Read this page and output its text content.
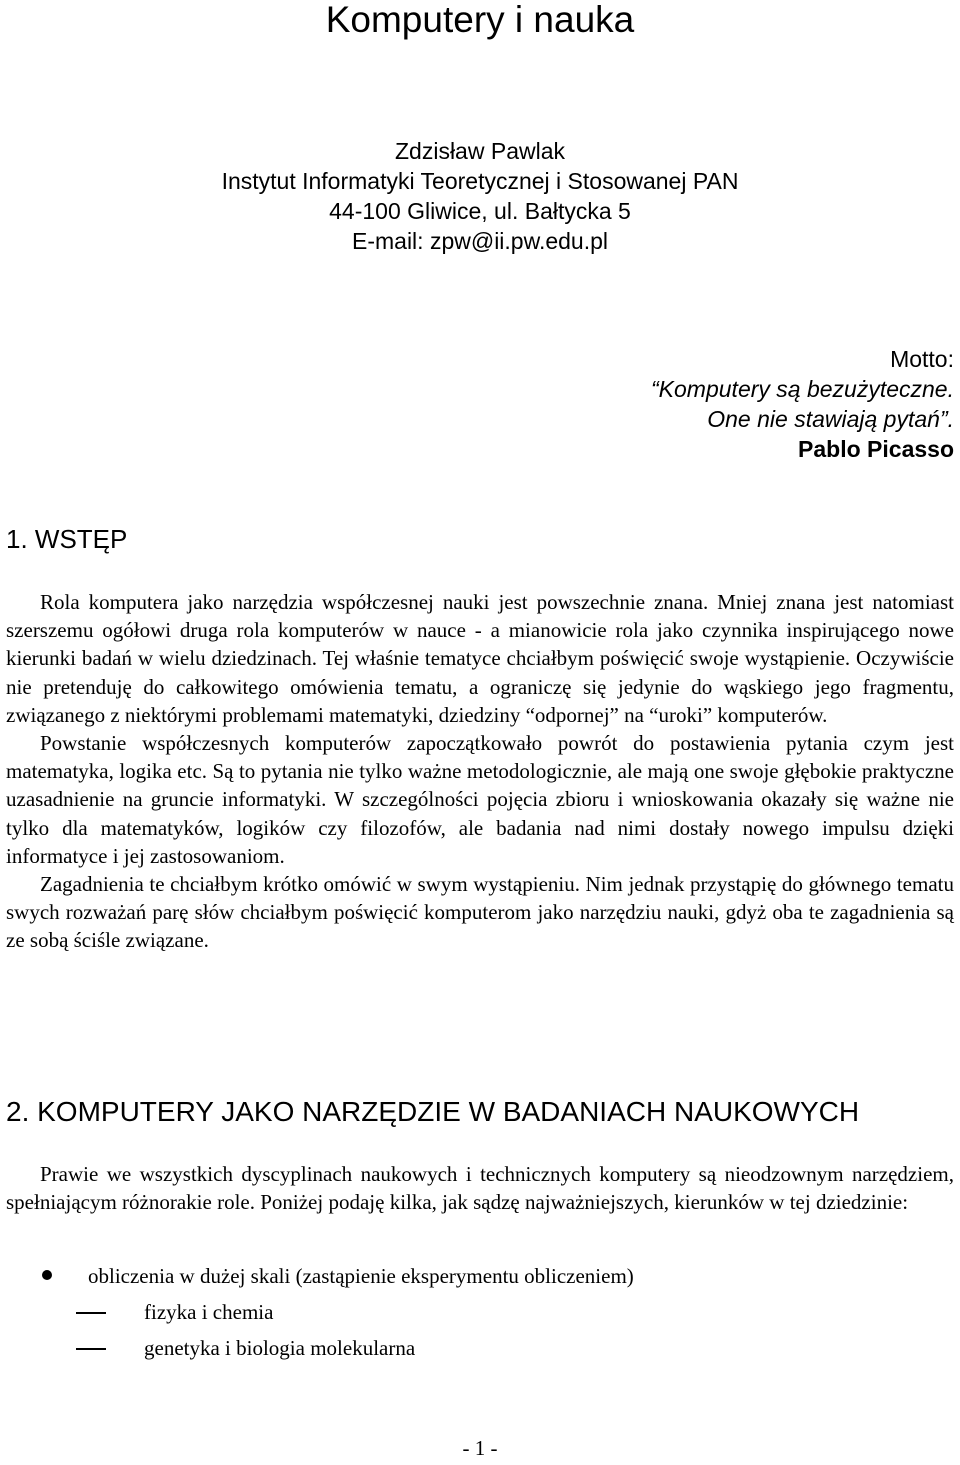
Komputery i nauka
Zdzisław Pawlak
Instytut Informatyki Teoretycznej i Stosowanej PAN
44-100 Gliwice, ul. Bałtycka 5
E-mail: zpw@ii.pw.edu.pl
Motto:
“Komputery są bezużyteczne.
One nie stawiają pytań”.
Pablo Picasso
1. WSTĘP

Rola komputera jako narzędzia współczesnej nauki jest powszechnie znana. Mniej znana jest natomiast szerszemu ogółowi druga rola komputerów w nauce - a mianowicie rola jako czynnika inspirującego nowe kierunki badań w wielu dziedzinach. Tej właśnie tematyce chciałbym poświęcić swoje wystąpienie. Oczywiście nie pretenduję do całkowitego omówienia tematu, a ograniczę się jedynie do wąskiego jego fragmentu, związanego z niektórymi problemami matematyki, dziedziny “odpornej” na “uroki” komputerów.

Powstanie współczesnych komputerów zapoczątkowało powrót do postawienia pytania czym jest matematyka, logika etc. Są to pytania nie tylko ważne metodologicznie, ale mają one swoje głębokie praktyczne uzasadnienie na gruncie informatyki. W szczególności pojęcia zbioru i wnioskowania okazały się ważne nie tylko dla matematyków, logików czy filozofów, ale badania nad nimi dostały nowego impulsu dzięki informatyce i jej zastosowaniom.

Zagadnienia te chciałbym krótko omówić w swym wystąpieniu. Nim jednak przystąpię do głównego tematu swych rozważań parę słów chciałbym poświęcić komputerom jako narzędziu nauki, gdyż oba te zagadnienia są ze sobą ściśle związane.

2. KOMPUTERY JAKO NARZĘDZIE W BADANIACH NAUKOWYCH

Prawie we wszystkich dyscyplinach naukowych i technicznych komputery są nieodzownym narzędziem, spełniającym różnorakie role. Poniżej podaję kilka, jak sądzę najważniejszych, kierunków w tej dziedzinie:

obliczenia w dużej skali (zastąpienie eksperymentu obliczeniem)
fizyka i chemia
genetyka i biologia molekularna
- 1 -
